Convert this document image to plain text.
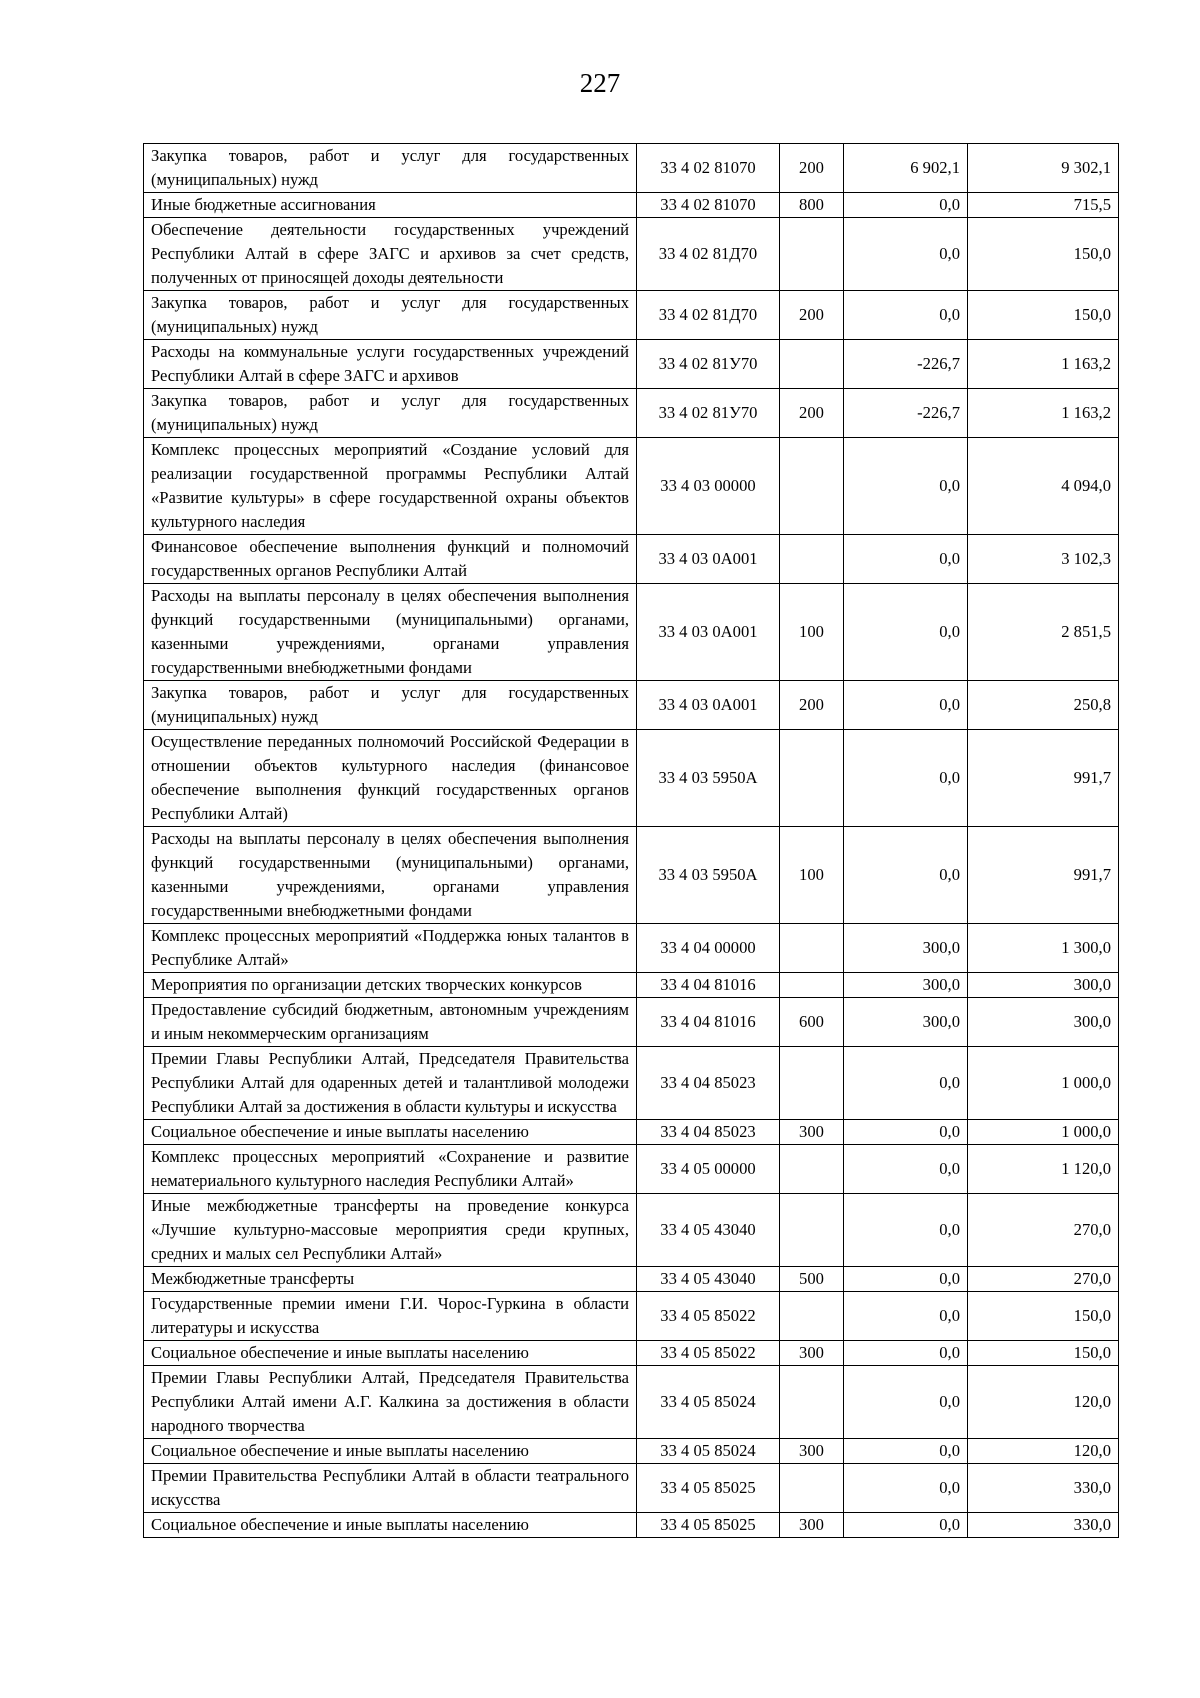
227
Закупка товаров, работ и услуг для государственных (муниципальных) нужд	33 4 02 81070	200	6 902,1	9 302,1
Иные бюджетные ассигнования	33 4 02 81070	800	0,0	715,5
Обеспечение деятельности государственных учреждений Республики Алтай в сфере ЗАГС и архивов за счет средств, полученных от приносящей доходы деятельности	33 4 02 81Д70		0,0	150,0
Закупка товаров, работ и услуг для государственных (муниципальных) нужд	33 4 02 81Д70	200	0,0	150,0
Расходы на коммунальные услуги государственных учреждений Республики Алтай в сфере ЗАГС и архивов	33 4 02 81У70		-226,7	1 163,2
Закупка товаров, работ и услуг для государственных (муниципальных) нужд	33 4 02 81У70	200	-226,7	1 163,2
Комплекс процессных мероприятий «Создание условий для реализации государственной программы Республики Алтай «Развитие культуры» в сфере государственной охраны объектов культурного наследия	33 4 03 00000		0,0	4 094,0
Финансовое обеспечение выполнения функций и полномочий государственных органов Республики Алтай	33 4 03 0А001		0,0	3 102,3
Расходы на выплаты персоналу в целях обеспечения выполнения функций государственными (муниципальными) органами, казенными учреждениями, органами управления государственными внебюджетными фондами	33 4 03 0А001	100	0,0	2 851,5
Закупка товаров, работ и услуг для государственных (муниципальных) нужд	33 4 03 0А001	200	0,0	250,8
Осуществление переданных полномочий Российской Федерации в отношении объектов культурного наследия (финансовое обеспечение выполнения функций государственных органов Республики Алтай)	33 4 03 5950А		0,0	991,7
Расходы на выплаты персоналу в целях обеспечения выполнения функций государственными (муниципальными) органами, казенными учреждениями, органами управления государственными внебюджетными фондами	33 4 03 5950А	100	0,0	991,7
Комплекс процессных мероприятий «Поддержка юных талантов в Республике Алтай»	33 4 04 00000		300,0	1 300,0
Мероприятия по организации детских творческих конкурсов	33 4 04 81016		300,0	300,0
Предоставление субсидий бюджетным, автономным учреждениям и иным некоммерческим организациям	33 4 04 81016	600	300,0	300,0
Премии Главы Республики Алтай, Председателя Правительства Республики Алтай для одаренных детей и талантливой молодежи Республики Алтай за достижения в области культуры и искусства	33 4 04 85023		0,0	1 000,0
Социальное обеспечение и иные выплаты населению	33 4 04 85023	300	0,0	1 000,0
Комплекс процессных мероприятий «Сохранение и развитие нематериального культурного наследия Республики Алтай»	33 4 05 00000		0,0	1 120,0
Иные межбюджетные трансферты на проведение конкурса «Лучшие культурно-массовые мероприятия среди крупных, средних и малых сел Республики Алтай»	33 4 05 43040		0,0	270,0
Межбюджетные трансферты	33 4 05 43040	500	0,0	270,0
Государственные премии имени Г.И. Чорос-Гуркина в области литературы и искусства	33 4 05 85022		0,0	150,0
Социальное обеспечение и иные выплаты населению	33 4 05 85022	300	0,0	150,0
Премии Главы Республики Алтай, Председателя Правительства Республики Алтай имени А.Г. Калкина за достижения в области народного творчества	33 4 05 85024		0,0	120,0
Социальное обеспечение и иные выплаты населению	33 4 05 85024	300	0,0	120,0
Премии Правительства Республики Алтай в области театрального искусства	33 4 05 85025		0,0	330,0
Социальное обеспечение и иные выплаты населению	33 4 05 85025	300	0,0	330,0
